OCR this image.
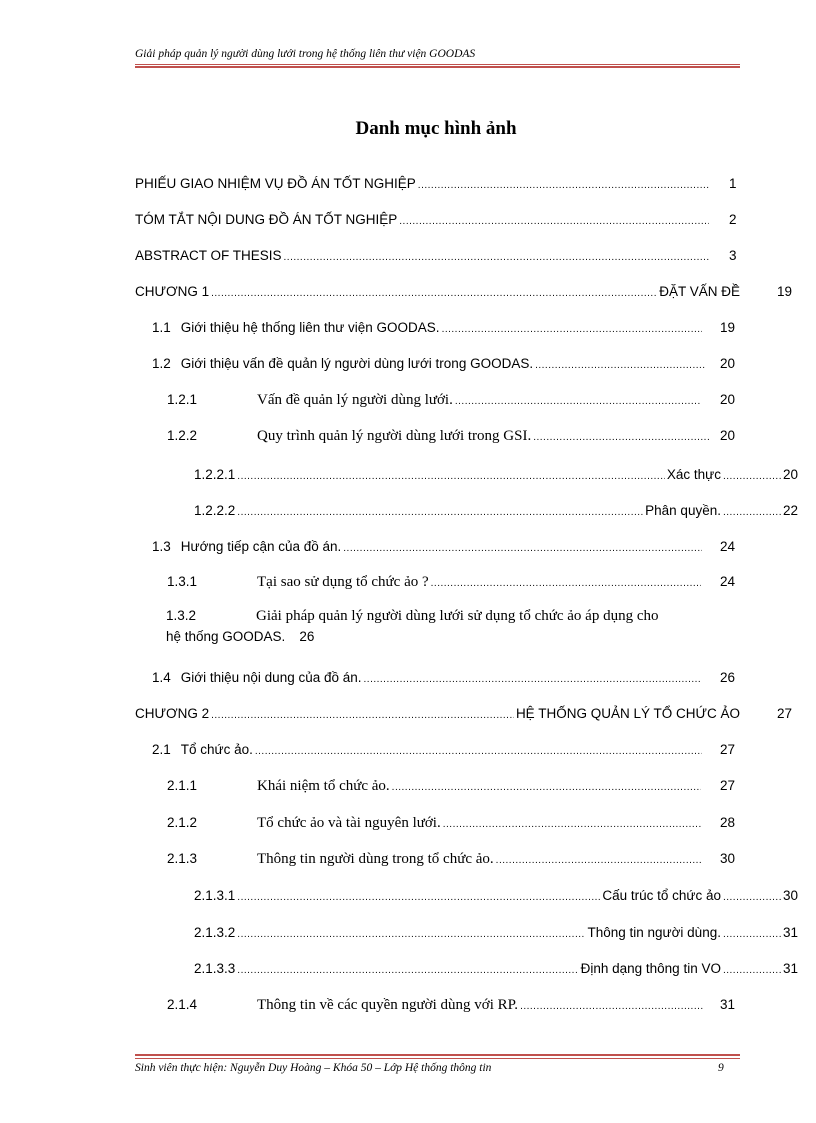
Giải pháp quản lý người dùng lưới trong hệ thống liên thư viện GOODAS
Danh mục hình ảnh
PHIẾU GIAO NHIỆM VỤ ĐỒ ÁN TỐT NGHIỆP .....	1
TÓM TẮT NỘI DUNG ĐỒ ÁN TỐT NGHIỆP .....	2
ABSTRACT OF THESIS .....	3
CHƯƠNG 1 .....	ĐẶT VẤN ĐỀ	19
1.1 Giới thiệu hệ thống liên thư viện GOODAS. .....	19
1.2 Giới thiệu vấn đề quản lý người dùng lưới trong GOODAS. .....	20
1.2.1	Vấn đề quản lý người dùng lưới. .....	20
1.2.2	Quy trình quản lý người dùng lưới trong GSI. .....	20
1.2.2.1 .....	Xác thực .....	20
1.2.2.2 .....	Phân quyền. .....	22
1.3 Hướng tiếp cận của đồ án. .....	24
1.3.1	Tại sao sử dụng tổ chức ảo ? .....	24
1.3.2	Giải pháp quản lý người dùng lưới sử dụng tổ chức ảo áp dụng cho
hệ thống GOODAS. 26
1.4 Giới thiệu nội dung của đồ án. .....	26
CHƯƠNG 2 .....	HỆ THỐNG QUẢN LÝ TỔ CHỨC ẢO	27
2.1 Tổ chức ảo. .....	27
2.1.1	Khái niệm tổ chức ảo. .....	27
2.1.2	Tổ chức ảo và tài nguyên lưới. .....	28
2.1.3	Thông tin người dùng trong tổ chức ảo. .....	30
2.1.3.1 .....	Cấu trúc tổ chức ảo .....	30
2.1.3.2 .....	Thông tin người dùng. .....	31
2.1.3.3 .....	Định dạng thông tin VO .....	31
2.1.4	Thông tin về các quyền người dùng với RP. .....	31
Sinh viên thực hiện: Nguyễn Duy Hoàng – Khóa 50 – Lớp Hệ thống thông tin	9
